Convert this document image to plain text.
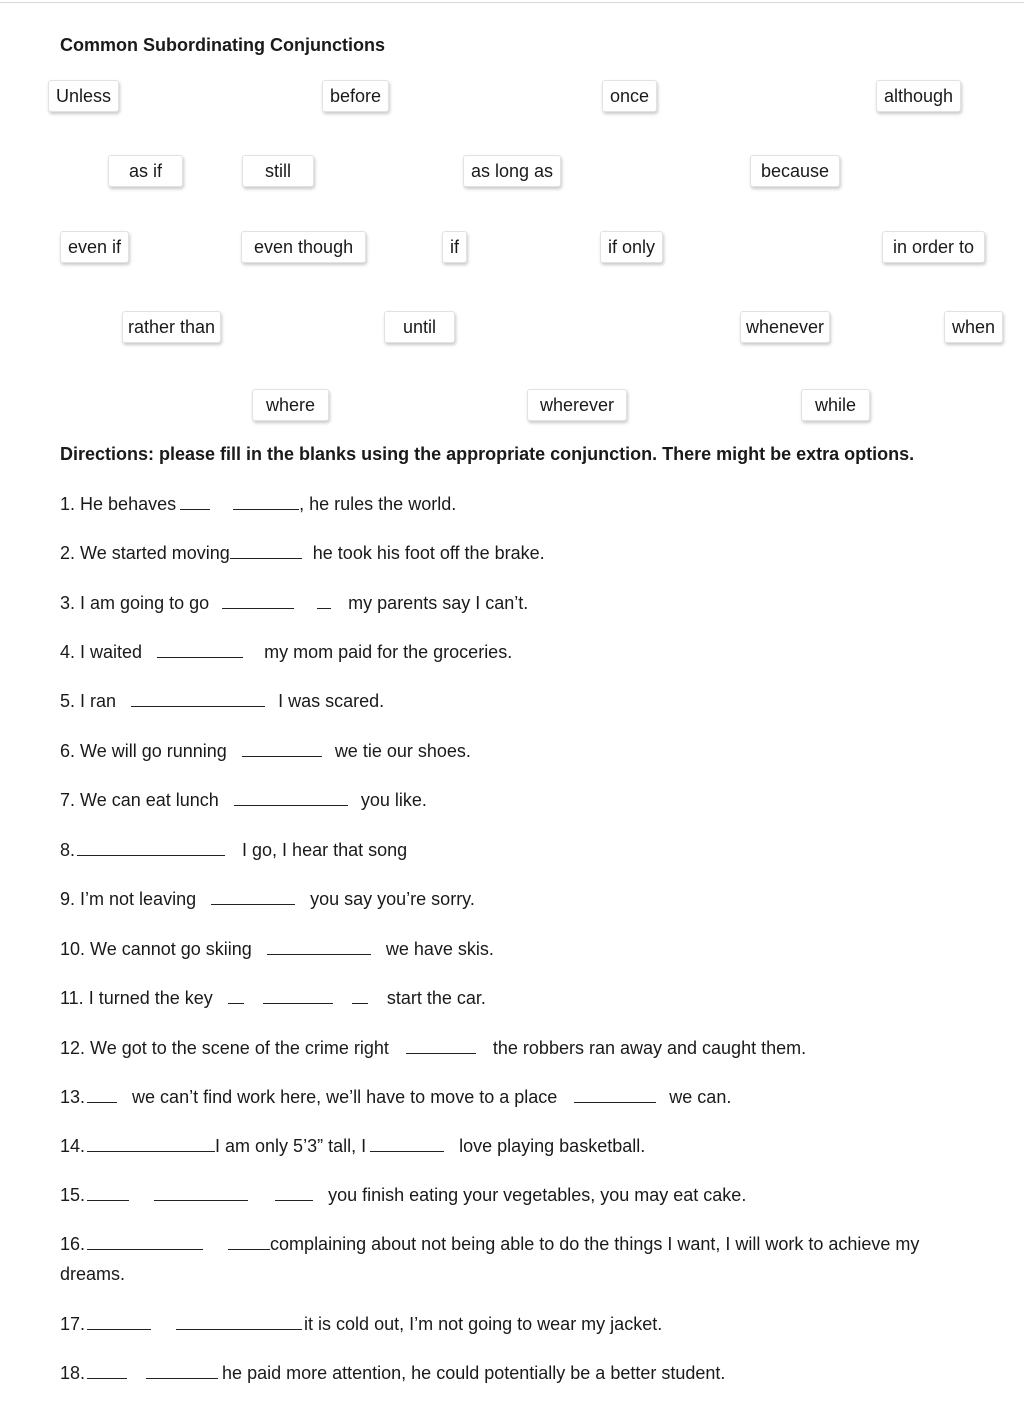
Common Subordinating Conjunctions
Unless	before	once	although
as if	still	as long as	because
even if	even though	if	if only	in order to
rather than	until	whenever	when
where	wherever	while
Directions: please fill in the blanks using the appropriate conjunction. There might be extra options.
1. He behaves	, he rules the world.
2. We started moving	he took his foot off the brake.
3. I am going to go	my parents say I can’t.
4. I waited	my mom paid for the groceries.
5. I ran	I was scared.
6. We will go running	we tie our shoes.
7. We can eat lunch	you like.
8.	I go, I hear that song
9. I’m not leaving	you say you’re sorry.
10. We cannot go skiing	we have skis.
11. I turned the key	start the car.
12. We got to the scene of the crime right	the robbers ran away and caught them.
13.	we can’t find work here, we’ll have to move to a place	we can.
14.	I am only 5’3” tall, I	love playing basketball.
15.	you finish eating your vegetables, you may eat cake.
16.	complaining about not being able to do the things I want, I will work to achieve my
dreams.
17.	it is cold out, I’m not going to wear my jacket.
18.	he paid more attention, he could potentially be a better student.
